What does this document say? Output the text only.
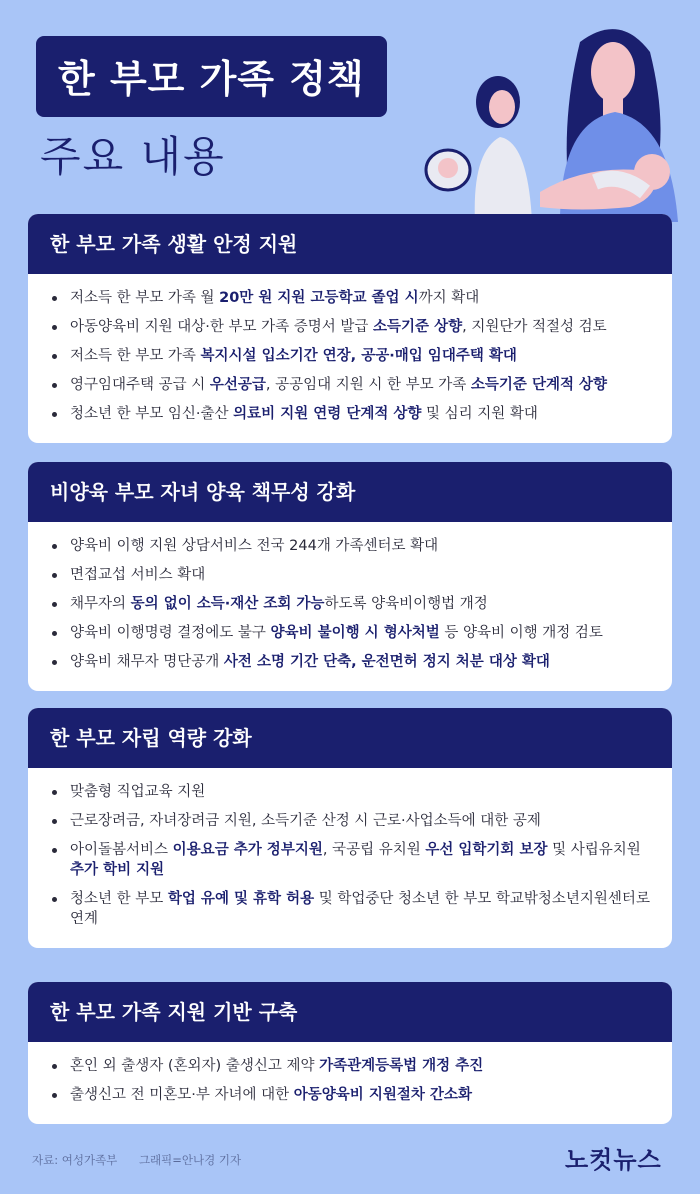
한 부모 가족 정책
주요 내용
한 부모 가족 생활 안정 지원
저소득 한 부모 가족 월 20만 원 지원 고등학교 졸업 시까지 확대
아동양육비 지원 대상·한 부모 가족 증명서 발급 소득기준 상향, 지원단가 적절성 검토
저소득 한 부모 가족 복지시설 입소기간 연장, 공공·매입 임대주택 확대
영구임대주택 공급 시 우선공급, 공공임대 지원 시 한 부모 가족 소득기준 단계적 상향
청소년 한 부모 임신·출산 의료비 지원 연령 단계적 상향 및 심리 지원 확대
비양육 부모 자녀 양육 책무성 강화
양육비 이행 지원 상담서비스 전국 244개 가족센터로 확대
면접교섭 서비스 확대
채무자의 동의 없이 소득·재산 조회 가능하도록 양육비이행법 개정
양육비 이행명령 결정에도 불구 양육비 불이행 시 형사처벌 등 양육비 이행 개정 검토
양육비 채무자 명단공개 사전 소명 기간 단축, 운전면허 정지 처분 대상 확대
한 부모 자립 역량 강화
맞춤형 직업교육 지원
근로장려금, 자녀장려금 지원, 소득기준 산정 시 근로·사업소득에 대한 공제
아이돌봄서비스 이용요금 추가 정부지원, 국공립 유치원 우선 입학기회 보장 및 사립유치원 추가 학비 지원
청소년 한 부모 학업 유예 및 휴학 허용 및 학업중단 청소년 한 부모 학교밖청소년지원센터로 연계
한 부모 가족 지원 기반 구축
혼인 외 출생자 (혼외자) 출생신고 제약 가족관계등록법 개정 추진
출생신고 전 미혼모·부 자녀에 대한 아동양육비 지원절차 간소화
자료: 여성가족부 그래픽=안나경 기자	노컷뉴스
